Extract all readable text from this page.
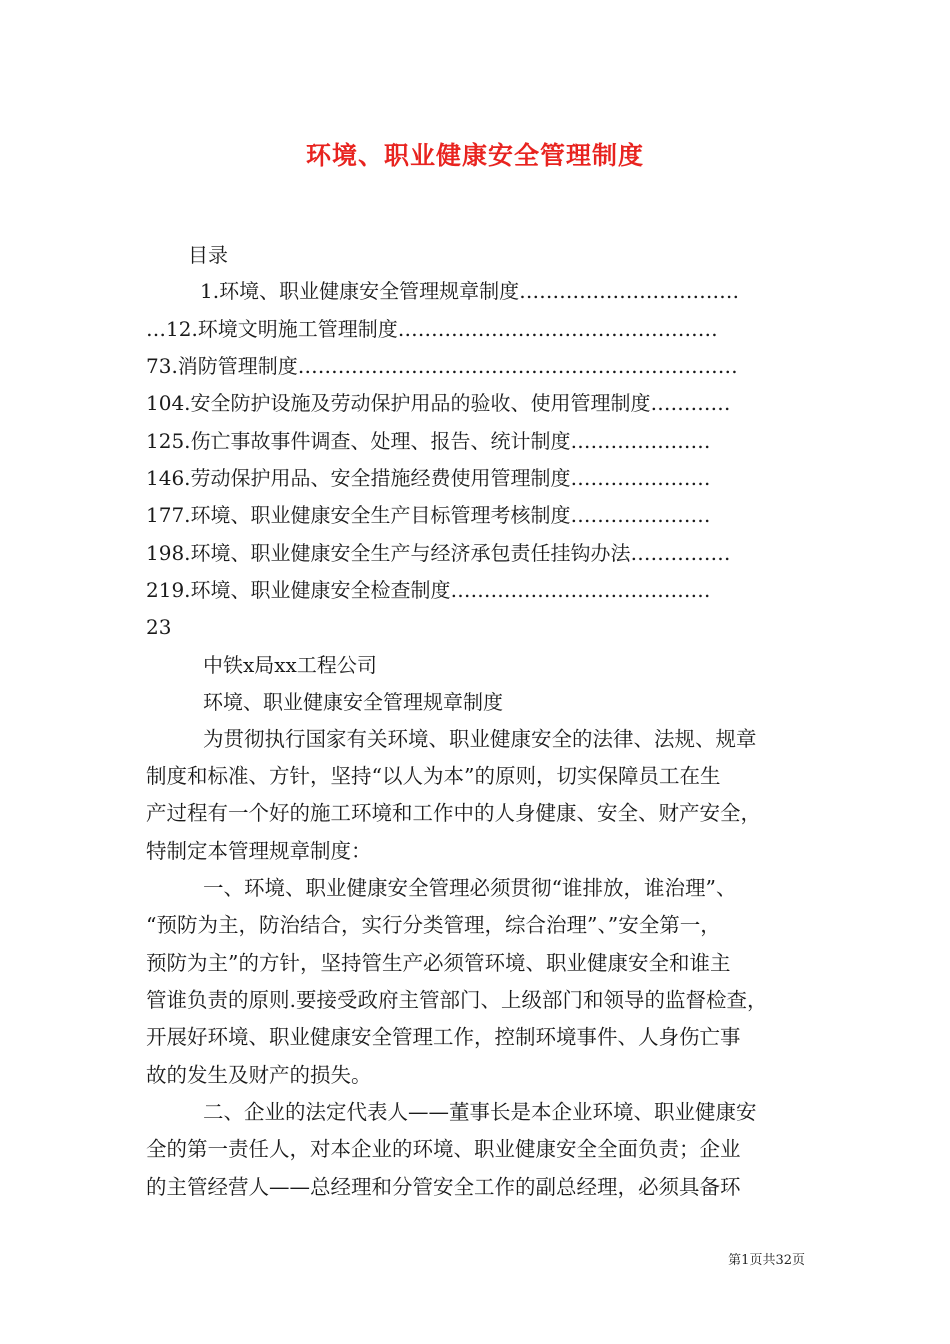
环境、职业健康安全管理制度
目录
1.环境、职业健康安全管理规章制度……………………………
…12.环境文明施工管理制度…………………………………………
73.消防管理制度…………………………………………………………
104.安全防护设施及劳动保护用品的验收、使用管理制度…………
125.伤亡事故事件调查、处理、报告、统计制度…………………
146.劳动保护用品、安全措施经费使用管理制度…………………
177.环境、职业健康安全生产目标管理考核制度…………………
198.环境、职业健康安全生产与经济承包责任挂钩办法……………
219.环境、职业健康安全检查制度…………………………………
23
中铁x局xx工程公司
环境、职业健康安全管理规章制度
为贯彻执行国家有关环境、职业健康安全的法律、法规、规章
制度和标准、方针，坚持“以人为本”的原则，切实保障员工在生
产过程有一个好的施工环境和工作中的人身健康、安全、财产安全，
特制定本管理规章制度：
一、环境、职业健康安全管理必须贯彻“谁排放，谁治理”、
“预防为主，防治结合，实行分类管理，综合治理”、”安全第一，
预防为主”的方针，坚持管生产必须管环境、职业健康安全和谁主
管谁负责的原则.要接受政府主管部门、上级部门和领导的监督检查，
开展好环境、职业健康安全管理工作，控制环境事件、人身伤亡事
故的发生及财产的损失。
二、企业的法定代表人——董事长是本企业环境、职业健康安
全的第一责任人，对本企业的环境、职业健康安全全面负责；企业
的主管经营人——总经理和分管安全工作的副总经理，必须具备环
第1页共32页
